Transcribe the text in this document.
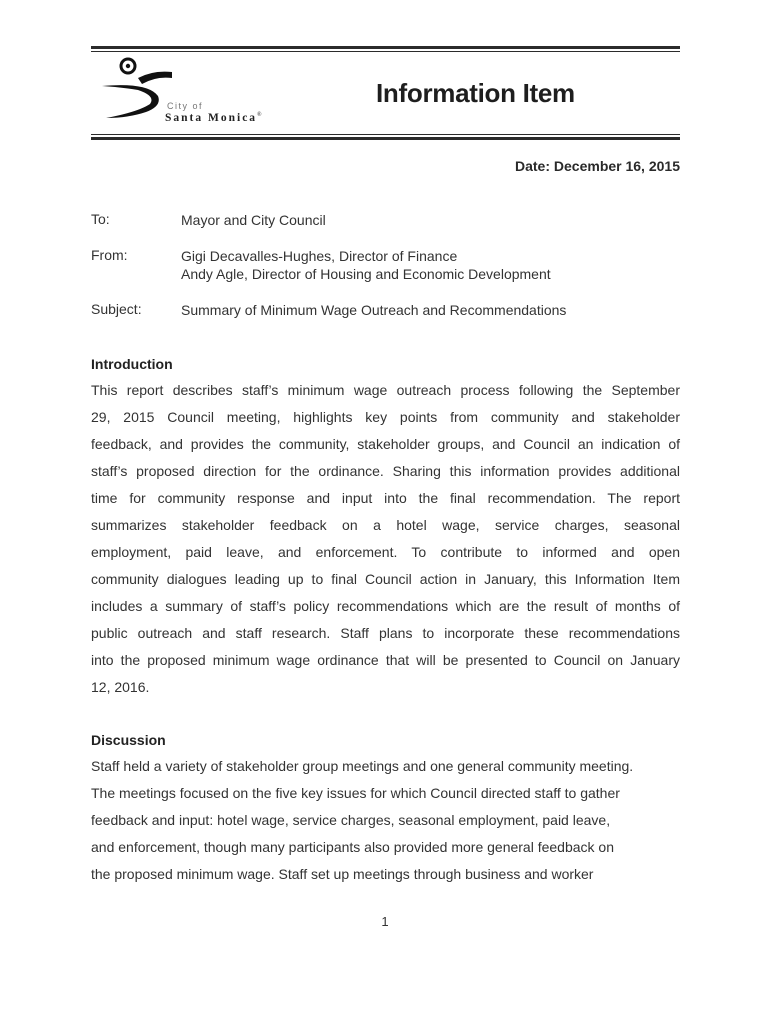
City of
Santa Monica®
Information Item
Date: December 16, 2015
To:	Mayor and City Council
From:	Gigi Decavalles-Hughes, Director of Finance
Andy Agle, Director of Housing and Economic Development
Subject:	Summary of Minimum Wage Outreach and Recommendations
Introduction
This report describes staff’s minimum wage outreach process following the September
29, 2015 Council meeting, highlights key points from community and stakeholder
feedback, and provides the community, stakeholder groups, and Council an indication of
staff’s proposed direction for the ordinance. Sharing this information provides additional
time for community response and input into the final recommendation. The report
summarizes stakeholder feedback on a hotel wage, service charges, seasonal
employment, paid leave, and enforcement. To contribute to informed and open
community dialogues leading up to final Council action in January, this Information Item
includes a summary of staff’s policy recommendations which are the result of months of
public outreach and staff research. Staff plans to incorporate these recommendations
into the proposed minimum wage ordinance that will be presented to Council on January
12, 2016.
Discussion
Staff held a variety of stakeholder group meetings and one general community meeting.
The meetings focused on the five key issues for which Council directed staff to gather
feedback and input: hotel wage, service charges, seasonal employment, paid leave,
and enforcement, though many participants also provided more general feedback on
the proposed minimum wage. Staff set up meetings through business and worker
1
